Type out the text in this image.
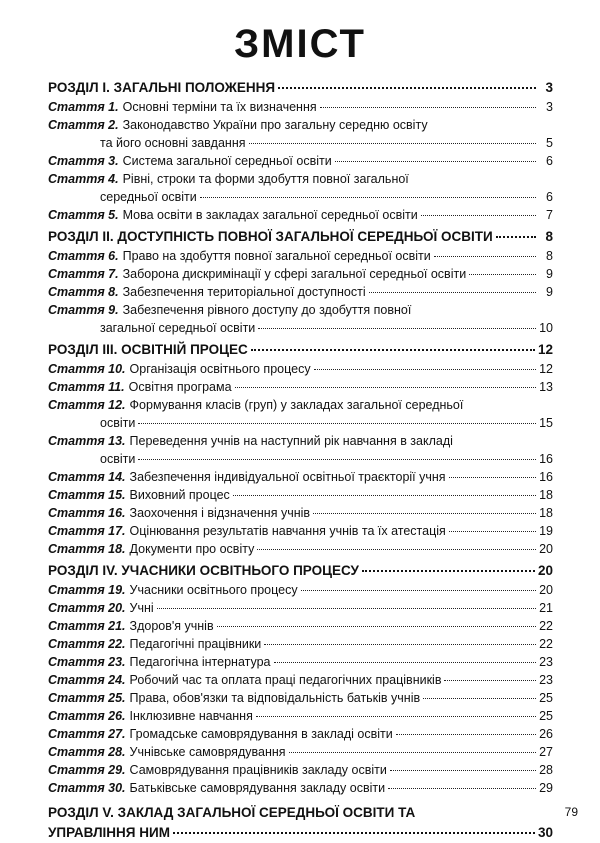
ЗМІСТ
РОЗДІЛ І. ЗАГАЛЬНІ ПОЛОЖЕННЯ	3
Стаття 1. Основні терміни та їх визначення	3
Стаття 2. Законодавство України про загальну середню освіту
та його основні завдання	5
Стаття 3. Система загальної середньої освіти	6
Стаття 4. Рівні, строки та форми здобуття повної загальної
середньої освіти	6
Стаття 5. Мова освіти в закладах загальної середньої освіти	7
РОЗДІЛ ІІ. ДОСТУПНІСТЬ ПОВНОЇ ЗАГАЛЬНОЇ СЕРЕДНЬОЇ ОСВІТИ	8
Стаття 6. Право на здобуття повної загальної середньої освіти	8
Стаття 7. Заборона дискримінації у сфері загальної середньої освіти	9
Стаття 8. Забезпечення територіальної доступності	9
Стаття 9. Забезпечення рівного доступу до здобуття повної
загальної середньої освіти	10
РОЗДІЛ ІІІ. ОСВІТНІЙ ПРОЦЕС	12
Стаття 10. Організація освітнього процесу	12
Стаття 11. Освітня програма	13
Стаття 12. Формування класів (груп) у закладах загальної середньої
освіти	15
Стаття 13. Переведення учнів на наступний рік навчання в закладі
освіти	16
Стаття 14. Забезпечення індивідуальної освітньої траєкторії учня	16
Стаття 15. Виховний процес	18
Стаття 16. Заохочення і відзначення учнів	18
Стаття 17. Оцінювання результатів навчання учнів та їх атестація	19
Стаття 18. Документи про освіту	20
РОЗДІЛ IV. УЧАСНИКИ ОСВІТНЬОГО ПРОЦЕСУ	20
Стаття 19. Учасники освітнього процесу	20
Стаття 20. Учні	21
Стаття 21. Здоров'я учнів	22
Стаття 22. Педагогічні працівники	22
Стаття 23. Педагогічна інтернатура	23
Стаття 24. Робочий час та оплата праці педагогічних працівників	23
Стаття 25. Права, обов'язки та відповідальність батьків учнів	25
Стаття 26. Інклюзивне навчання	25
Стаття 27. Громадське самоврядування в закладі освіти	26
Стаття 28. Учнівське самоврядування	27
Стаття 29. Самоврядування працівників закладу освіти	28
Стаття 30. Батьківське самоврядування закладу освіти	29
РОЗДІЛ V. ЗАКЛАД ЗАГАЛЬНОЇ СЕРЕДНЬОЇ ОСВІТИ ТА
УПРАВЛІННЯ НИМ	30
79
